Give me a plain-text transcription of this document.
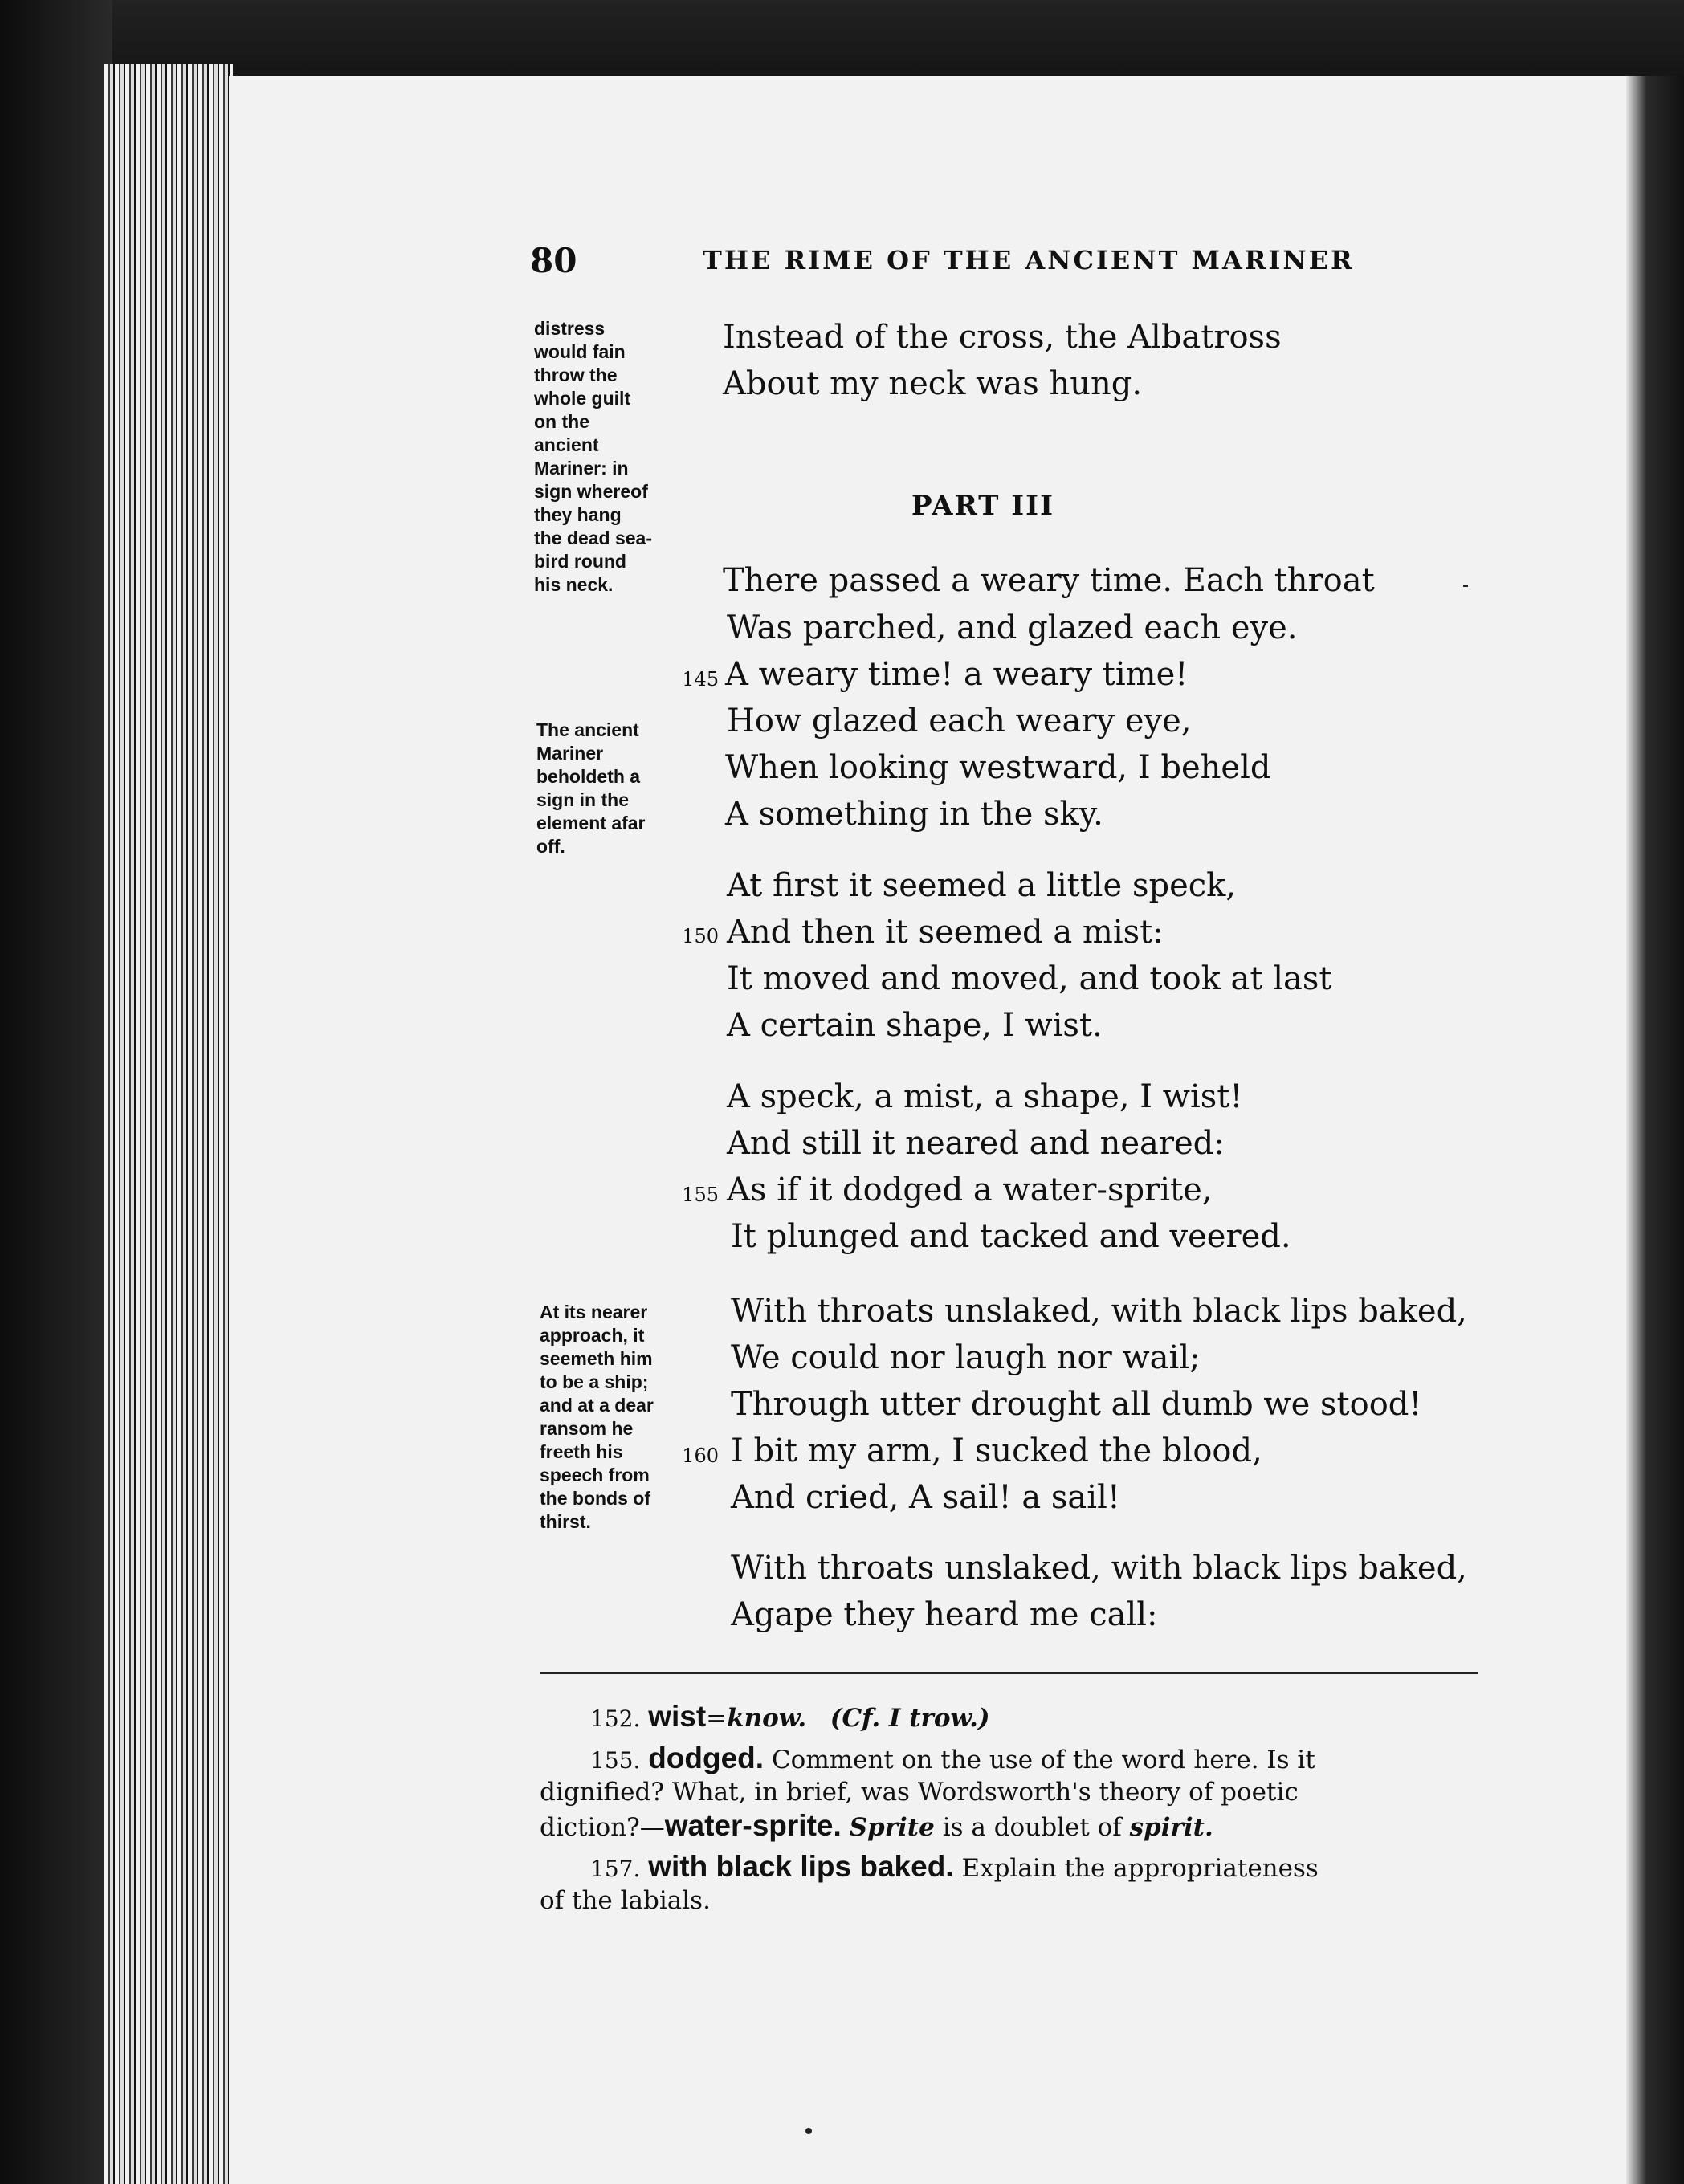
80	THE RIME OF THE ANCIENT MARINER
distress
would fain
throw the
whole guilt
on the
ancient
Mariner: in
sign whereof
they hang
the dead sea-
bird round
his neck.
The ancient
Mariner
beholdeth a
sign in the
element afar
off.
At its nearer
approach, it
seemeth him
to be a ship;
and at a dear
ransom he
freeth his
speech from
the bonds of
thirst.
PART III
Instead of the cross, the Albatross
About my neck was hung.
There passed a weary time. Each throat
Was parched, and glazed each eye.
A weary time! a weary time!
How glazed each weary eye,
When looking westward, I beheld
A something in the sky.
At first it seemed a little speck,
And then it seemed a mist:
It moved and moved, and took at last
A certain shape, I wist.
A speck, a mist, a shape, I wist!
And still it neared and neared:
As if it dodged a water-sprite,
It plunged and tacked and veered.
With throats unslaked, with black lips baked,
We could nor laugh nor wail;
Through utter drought all dumb we stood!
I bit my arm, I sucked the blood,
And cried, A sail! a sail!
With throats unslaked, with black lips baked,
Agape they heard me call:
145
150
155
160
152. wist=know. (Cf. I trow.)
155. dodged. Comment on the use of the word here. Is it
dignified? What, in brief, was Wordsworth's theory of poetic
diction?—water-sprite. Sprite is a doublet of spirit.
157. with black lips baked. Explain the appropriateness
of the labials.
